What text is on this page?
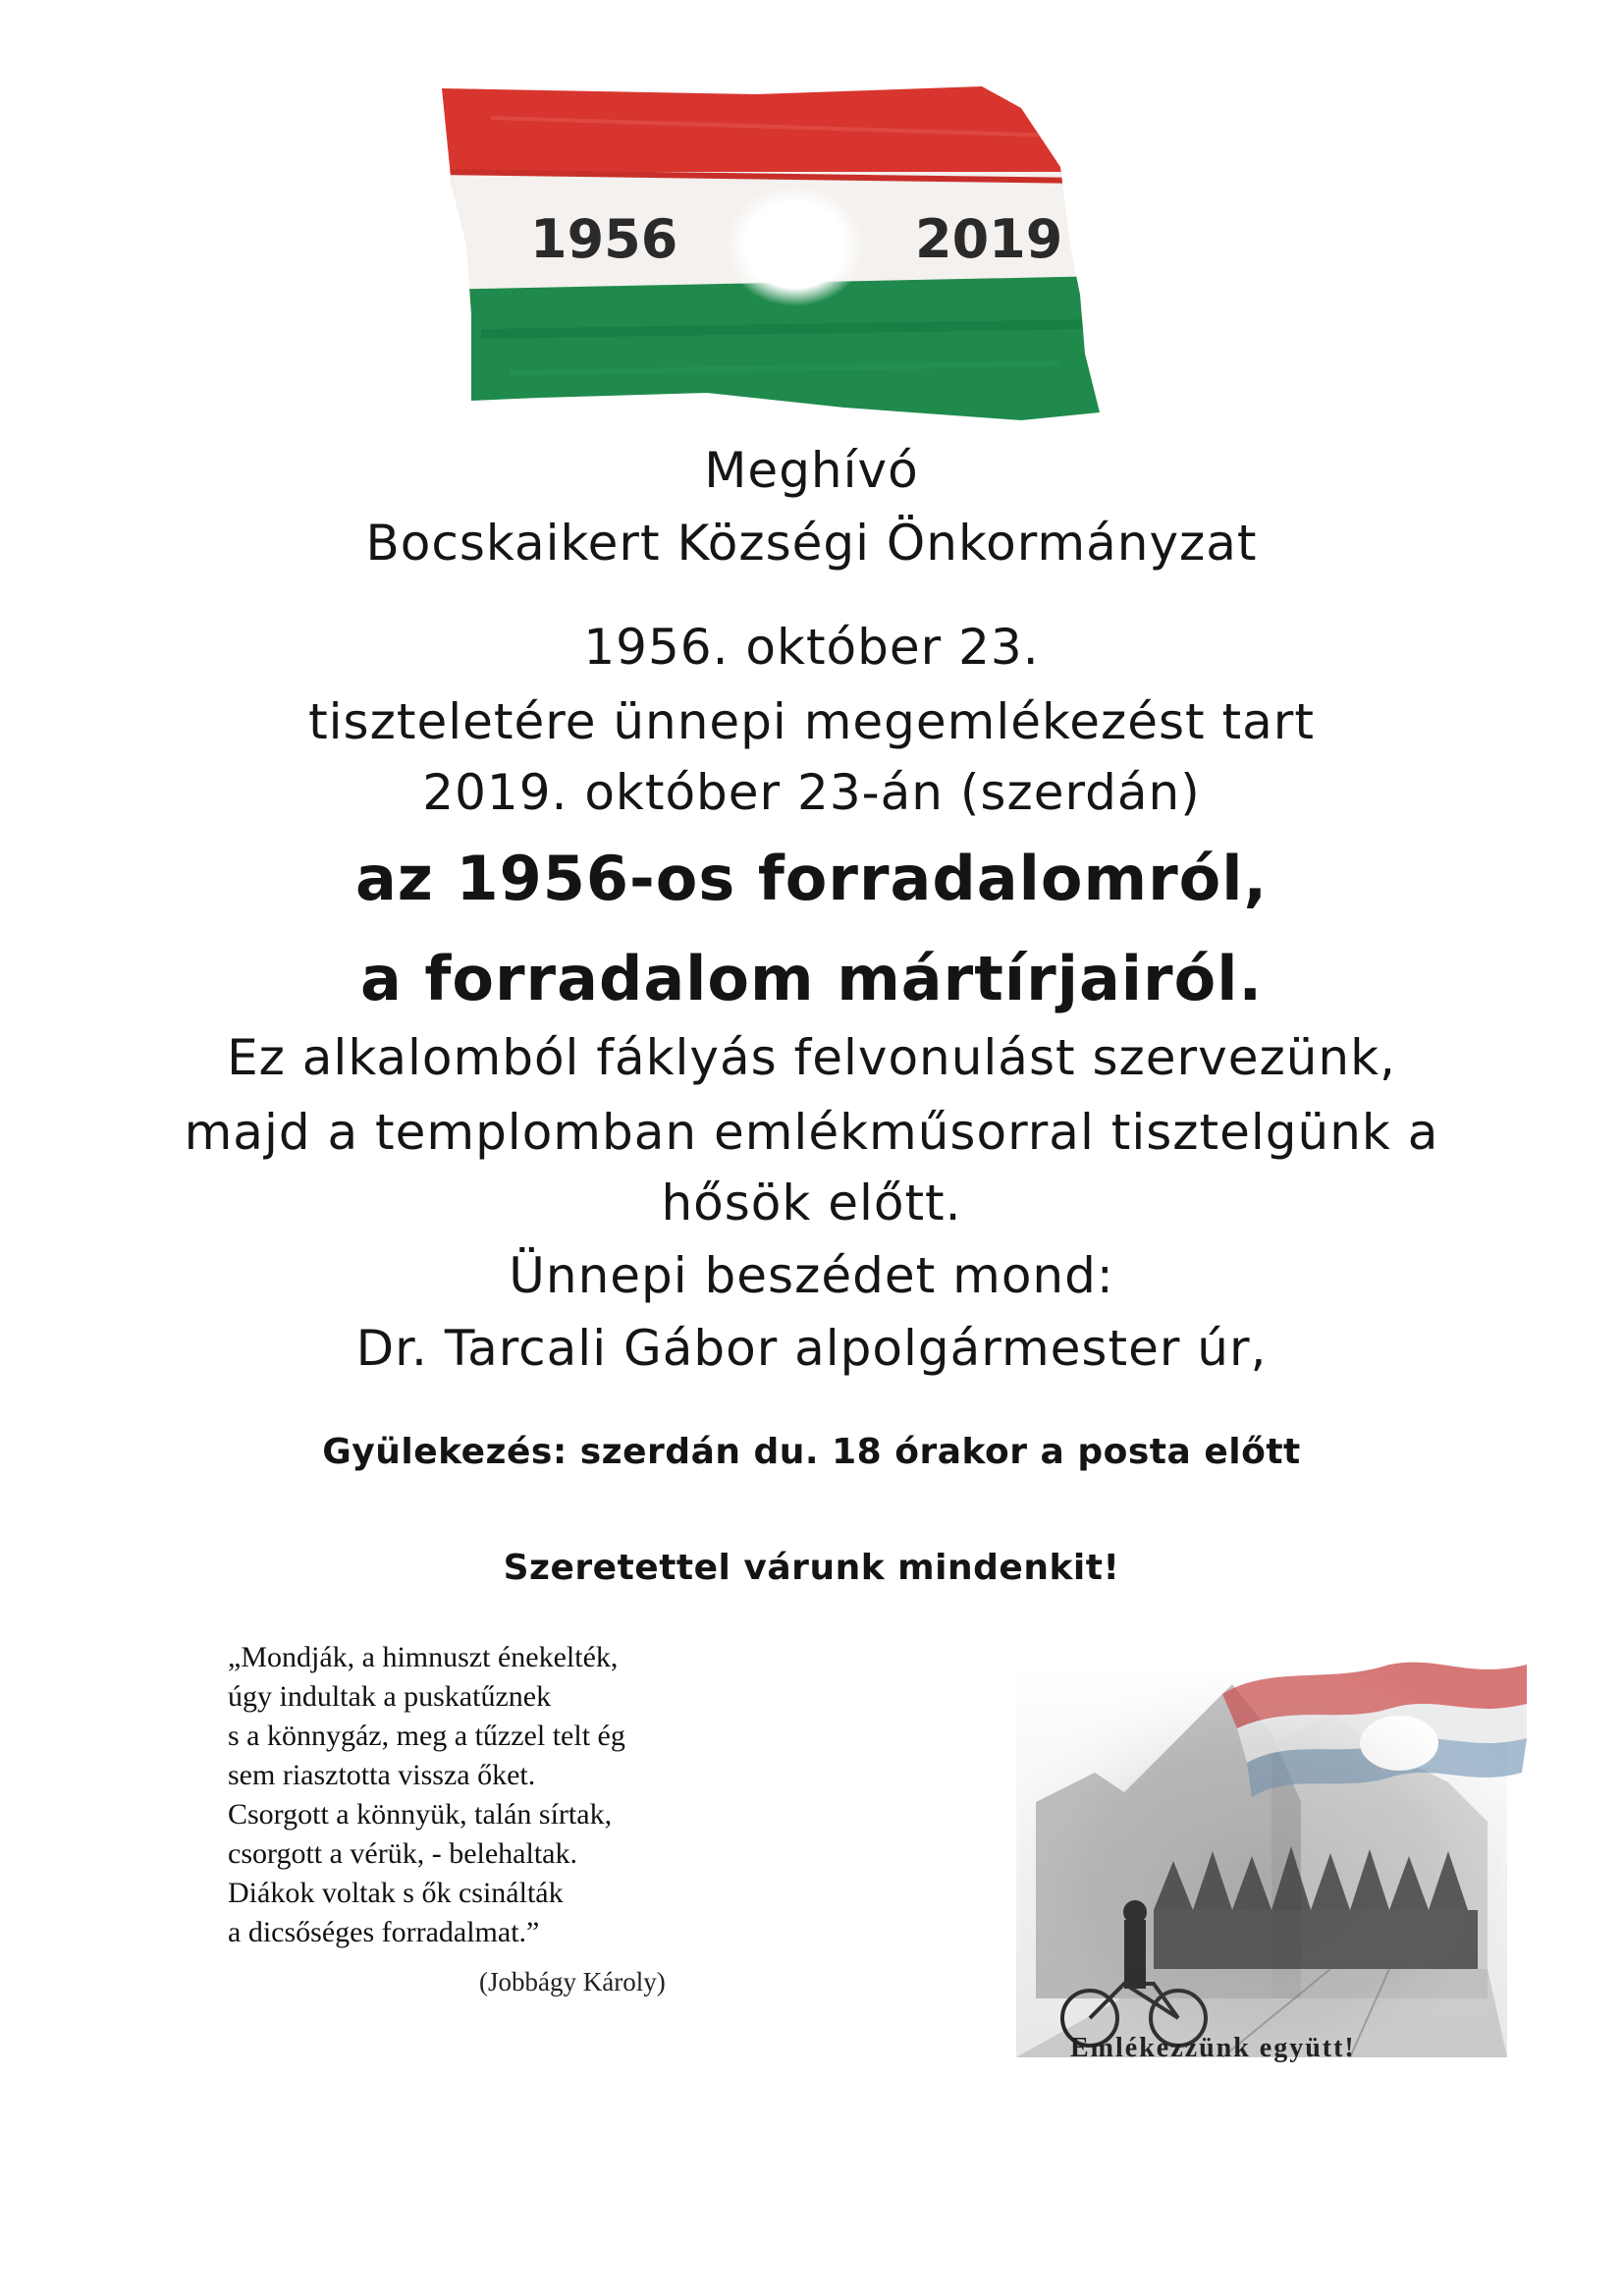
1956	2019
Meghívó
Bocskaikert Községi Önkormányzat
1956. október 23.
tiszteletére ünnepi megemlékezést tart
2019. október 23-án (szerdán)
az 1956-os forradalomról,
a forradalom mártírjairól.
Ez alkalomból fáklyás felvonulást szervezünk,
majd a templomban emlékműsorral tisztelgünk a
hősök előtt.
Ünnepi beszédet mond:
Dr. Tarcali Gábor alpolgármester úr,
Gyülekezés: szerdán du. 18 órakor a posta előtt
Szeretettel várunk mindenkit!
„Mondják, a himnuszt énekelték,
úgy indultak a puskatűznek
s a könnygáz, meg a tűzzel telt ég
sem riasztotta vissza őket.
Csorgott a könnyük, talán sírtak,
csorgott a vérük, - belehaltak.
Diákok voltak s ők csinálták
a dicsőséges forradalmat.”
(Jobbágy Károly)
Emlékezzünk együtt!
